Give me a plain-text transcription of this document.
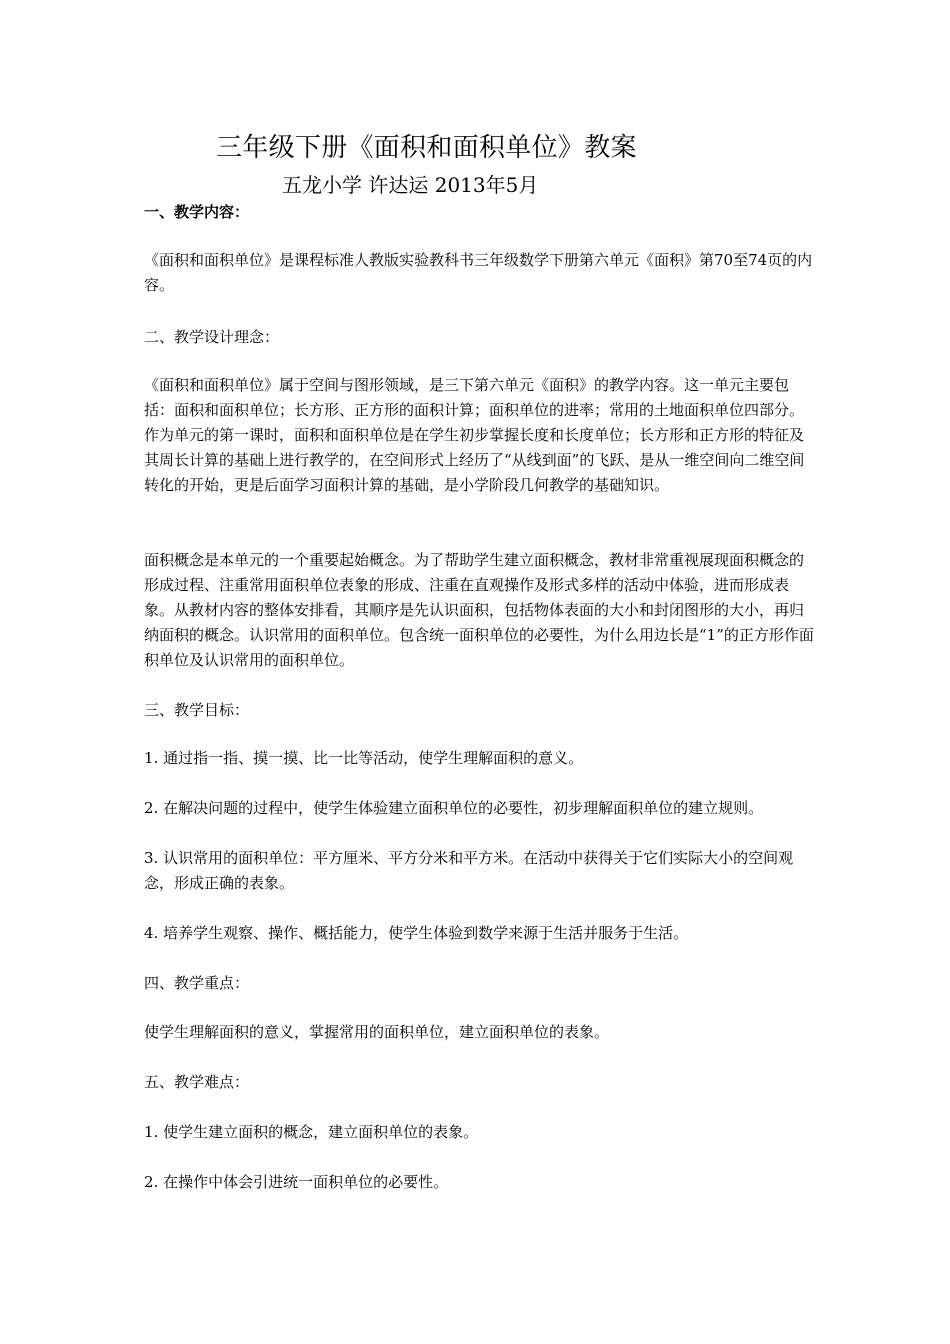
三年级下册《面积和面积单位》教案
五龙小学 许达运 2013年5月

一、教学内容：

《面积和面积单位》是课程标准人教版实验教科书三年级数学下册第六单元《面积》第70至74页的内容。

二、教学设计理念：

《面积和面积单位》属于空间与图形领域，是三下第六单元《面积》的教学内容。这一单元主要包括：面积和面积单位；长方形、正方形的面积计算；面积单位的进率；常用的土地面积单位四部分。作为单元的第一课时，面积和面积单位是在学生初步掌握长度和长度单位；长方形和正方形的特征及其周长计算的基础上进行教学的，在空间形式上经历了“从线到面”的飞跃、是从一维空间向二维空间转化的开始，更是后面学习面积计算的基础，是小学阶段几何教学的基础知识。

面积概念是本单元的一个重要起始概念。为了帮助学生建立面积概念，教材非常重视展现面积概念的形成过程、注重常用面积单位表象的形成、注重在直观操作及形式多样的活动中体验，进而形成表象。从教材内容的整体安排看，其顺序是先认识面积，包括物体表面的大小和封闭图形的大小，再归纳面积的概念。认识常用的面积单位。包含统一面积单位的必要性，为什么用边长是“1”的正方形作面积单位及认识常用的面积单位。

三、教学目标：

1. 通过指一指、摸一摸、比一比等活动，使学生理解面积的意义。

2. 在解决问题的过程中，使学生体验建立面积单位的必要性，初步理解面积单位的建立规则。

3. 认识常用的面积单位：平方厘米、平方分米和平方米。在活动中获得关于它们实际大小的空间观念，形成正确的表象。

4. 培养学生观察、操作、概括能力，使学生体验到数学来源于生活并服务于生活。

四、教学重点：

使学生理解面积的意义，掌握常用的面积单位，建立面积单位的表象。

五、教学难点：

1. 使学生建立面积的概念，建立面积单位的表象。

2. 在操作中体会引进统一面积单位的必要性。
